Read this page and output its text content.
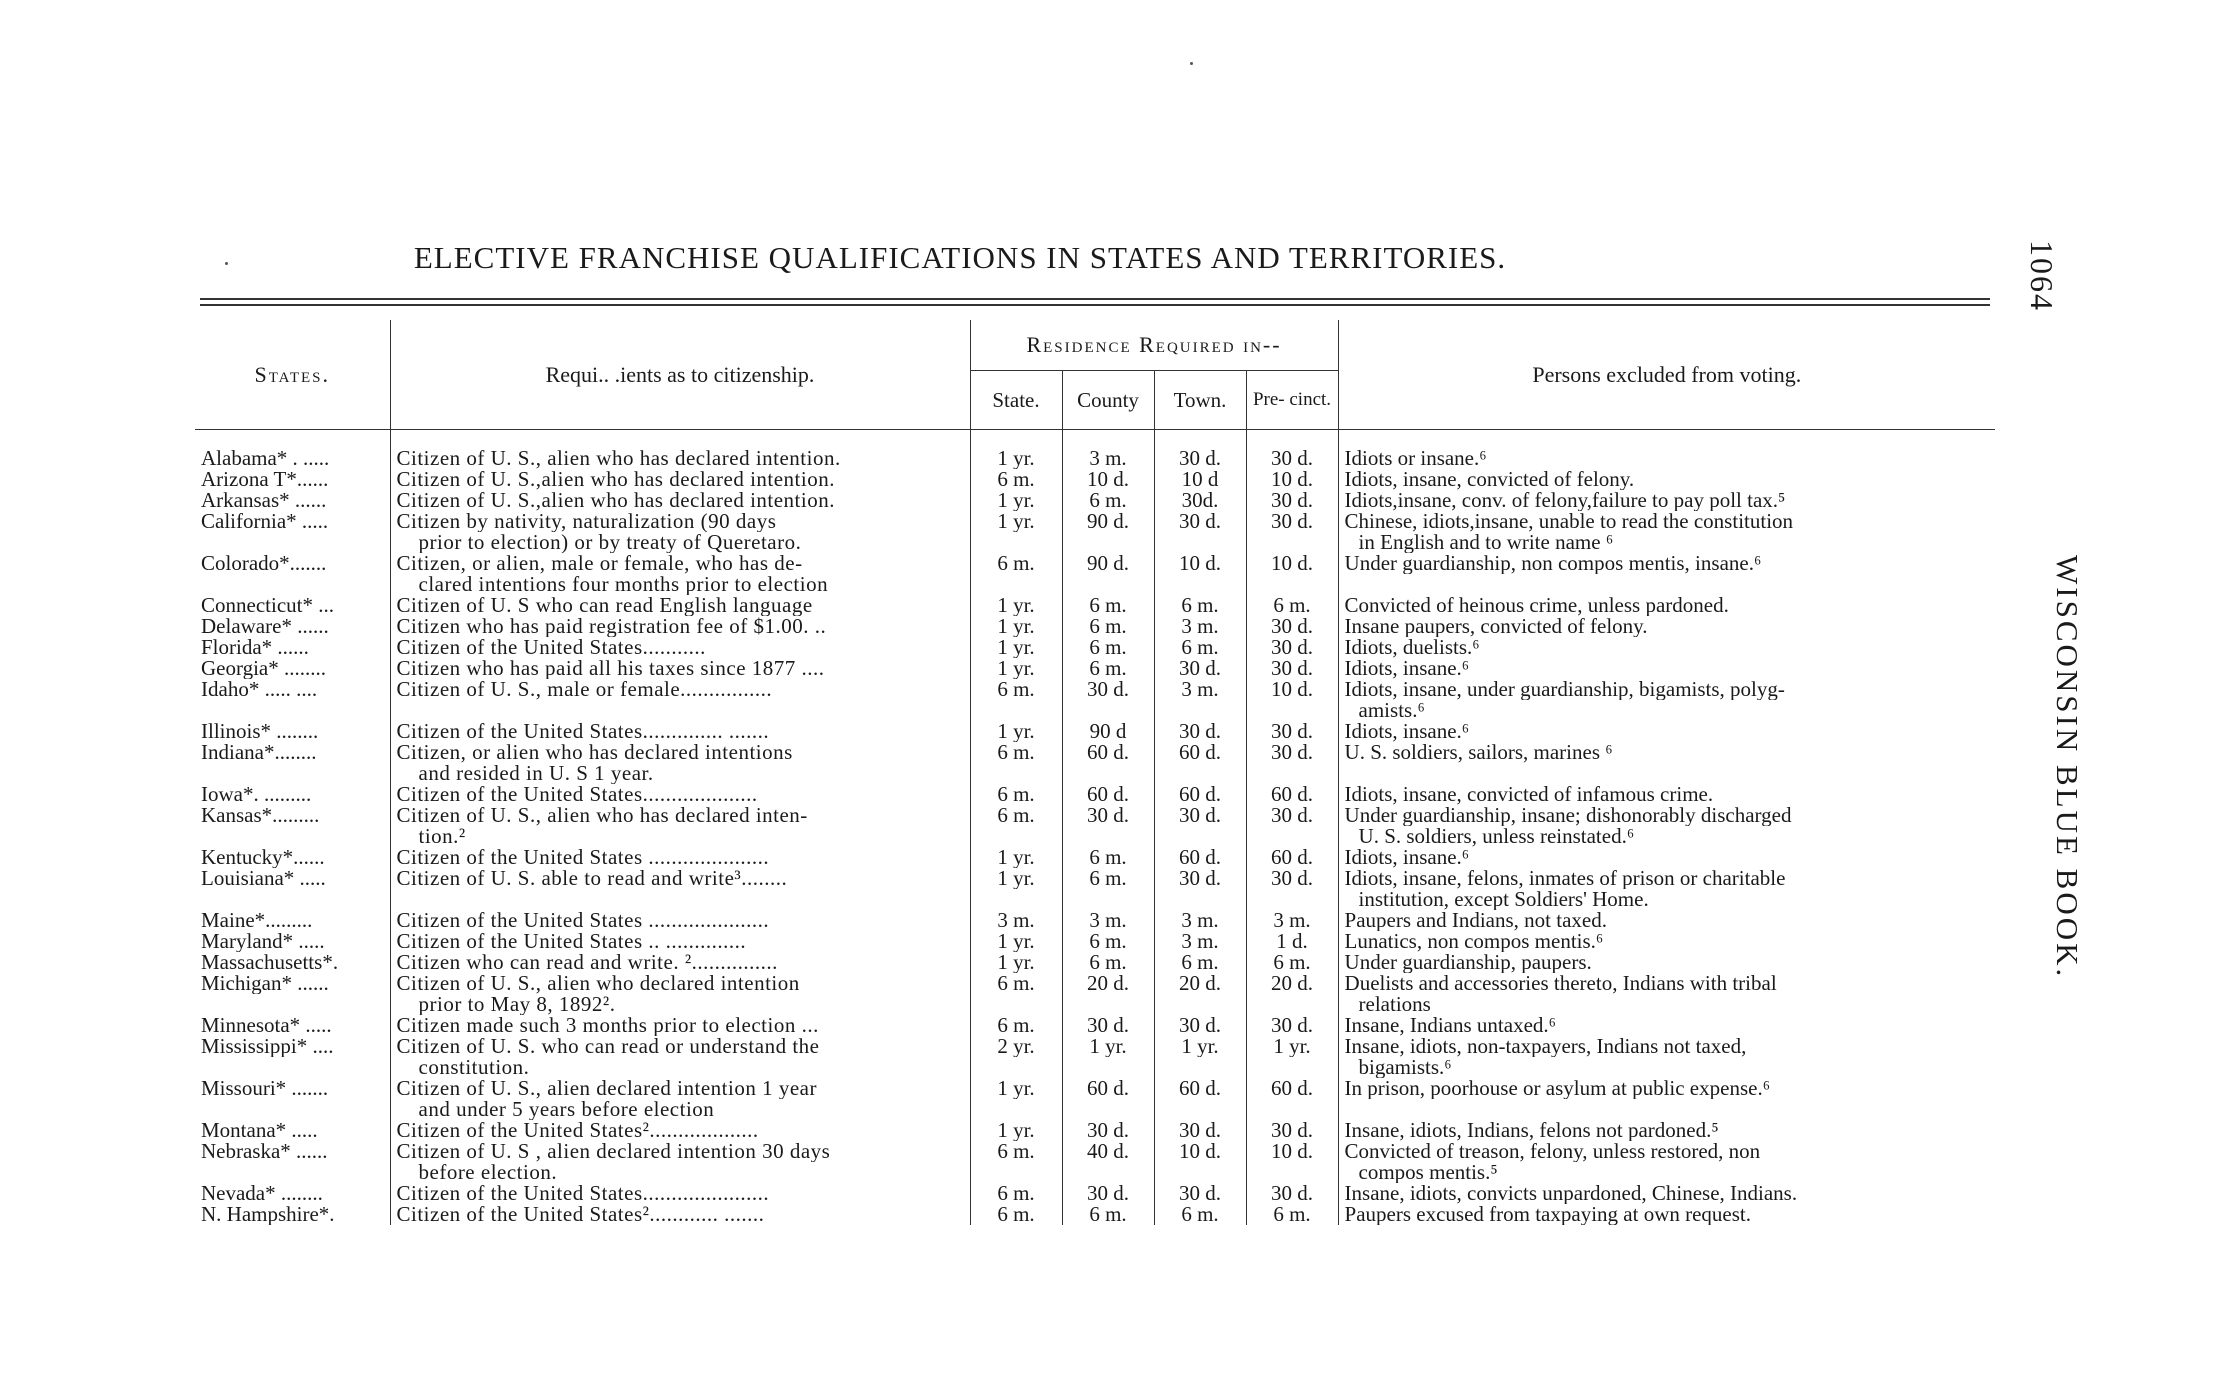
ELECTIVE FRANCHISE QUALIFICATIONS IN STATES AND TERRITORIES.	1064
WISCONSIN BLUE BOOK.
States.	Requi.. .ients as to citizenship.	Residence Required in--				Persons excluded from voting.
		State.	County	Town.	Pre- cinct.	
Alabama* . .....	Citizen of U. S., alien who has declared intention.	1 yr.	3 m.	30 d.	30 d.	Idiots or insane.⁶
Arizona T*......	Citizen of U. S.,alien who has declared intention.	6 m.	10 d.	10 d	10 d.	Idiots, insane, convicted of felony.
Arkansas* ......	Citizen of U. S.,alien who has declared intention.	1 yr.	6 m.	30d.	30 d.	Idiots,insane, conv. of felony,failure to pay poll tax.⁵
California* .....	Citizen by nativity, naturalization (90 days	1 yr.	90 d.	30 d.	30 d.	Chinese, idiots,insane, unable to read the constitution
	prior to election) or by treaty of Queretaro.					in English and to write name ⁶
Colorado*.......	Citizen, or alien, male or female, who has de-	6 m.	90 d.	10 d.	10 d.	Under guardianship, non compos mentis, insane.⁶
	clared intentions four months prior to election					
Connecticut* ...	Citizen of U. S who can read English language	1 yr.	6 m.	6 m.	6 m.	Convicted of heinous crime, unless pardoned.
Delaware* ......	Citizen who has paid registration fee of $1.00. ..	1 yr.	6 m.	3 m.	30 d.	Insane paupers, convicted of felony.
Florida* ......	Citizen of the United States...........	1 yr.	6 m.	6 m.	30 d.	Idiots, duelists.⁶
Georgia* ........	Citizen who has paid all his taxes since 1877 ....	1 yr.	6 m.	30 d.	30 d.	Idiots, insane.⁶
Idaho* ..... ....	Citizen of U. S., male or female................	6 m.	30 d.	3 m.	10 d.	Idiots, insane, under guardianship, bigamists, polyg-
						amists.⁶
Illinois* ........	Citizen of the United States.............. .......	1 yr.	90 d	30 d.	30 d.	Idiots, insane.⁶
Indiana*........	Citizen, or alien who has declared intentions	6 m.	60 d.	60 d.	30 d.	U. S. soldiers, sailors, marines ⁶
	and resided in U. S 1 year.					
Iowa*. .........	Citizen of the United States....................	6 m.	60 d.	60 d.	60 d.	Idiots, insane, convicted of infamous crime.
Kansas*.........	Citizen of U. S., alien who has declared inten-	6 m.	30 d.	30 d.	30 d.	Under guardianship, insane; dishonorably discharged
	tion.²					U. S. soldiers, unless reinstated.⁶
Kentucky*......	Citizen of the United States .....................	1 yr.	6 m.	60 d.	60 d.	Idiots, insane.⁶
Louisiana* .....	Citizen of U. S. able to read and write³........	1 yr.	6 m.	30 d.	30 d.	Idiots, insane, felons, inmates of prison or charitable
						institution, except Soldiers' Home.
Maine*.........	Citizen of the United States .....................	3 m.	3 m.	3 m.	3 m.	Paupers and Indians, not taxed.
Maryland* .....	Citizen of the United States .. ..............	1 yr.	6 m.	3 m.	1 d.	Lunatics, non compos mentis.⁶
Massachusetts*.	Citizen who can read and write. ²...............	1 yr.	6 m.	6 m.	6 m.	Under guardianship, paupers.
Michigan* ......	Citizen of U. S., alien who declared intention	6 m.	20 d.	20 d.	20 d.	Duelists and accessories thereto, Indians with tribal
	prior to May 8, 1892².					relations
Minnesota* .....	Citizen made such 3 months prior to election ...	6 m.	30 d.	30 d.	30 d.	Insane, Indians untaxed.⁶
Mississippi* ....	Citizen of U. S. who can read or understand the	2 yr.	1 yr.	1 yr.	1 yr.	Insane, idiots, non-taxpayers, Indians not taxed,
	constitution.					bigamists.⁶
Missouri* .......	Citizen of U. S., alien declared intention 1 year	1 yr.	60 d.	60 d.	60 d.	In prison, poorhouse or asylum at public expense.⁶
	and under 5 years before election					
Montana* .....	Citizen of the United States²...................	1 yr.	30 d.	30 d.	30 d.	Insane, idiots, Indians, felons not pardoned.⁵
Nebraska* ......	Citizen of U. S , alien declared intention 30 days	6 m.	40 d.	10 d.	10 d.	Convicted of treason, felony, unless restored, non
	before election.					compos mentis.⁵
Nevada* ........	Citizen of the United States......................	6 m.	30 d.	30 d.	30 d.	Insane, idiots, convicts unpardoned, Chinese, Indians.
N. Hampshire*.	Citizen of the United States²............ .......	6 m.	6 m.	6 m.	6 m.	Paupers excused from taxpaying at own request.
